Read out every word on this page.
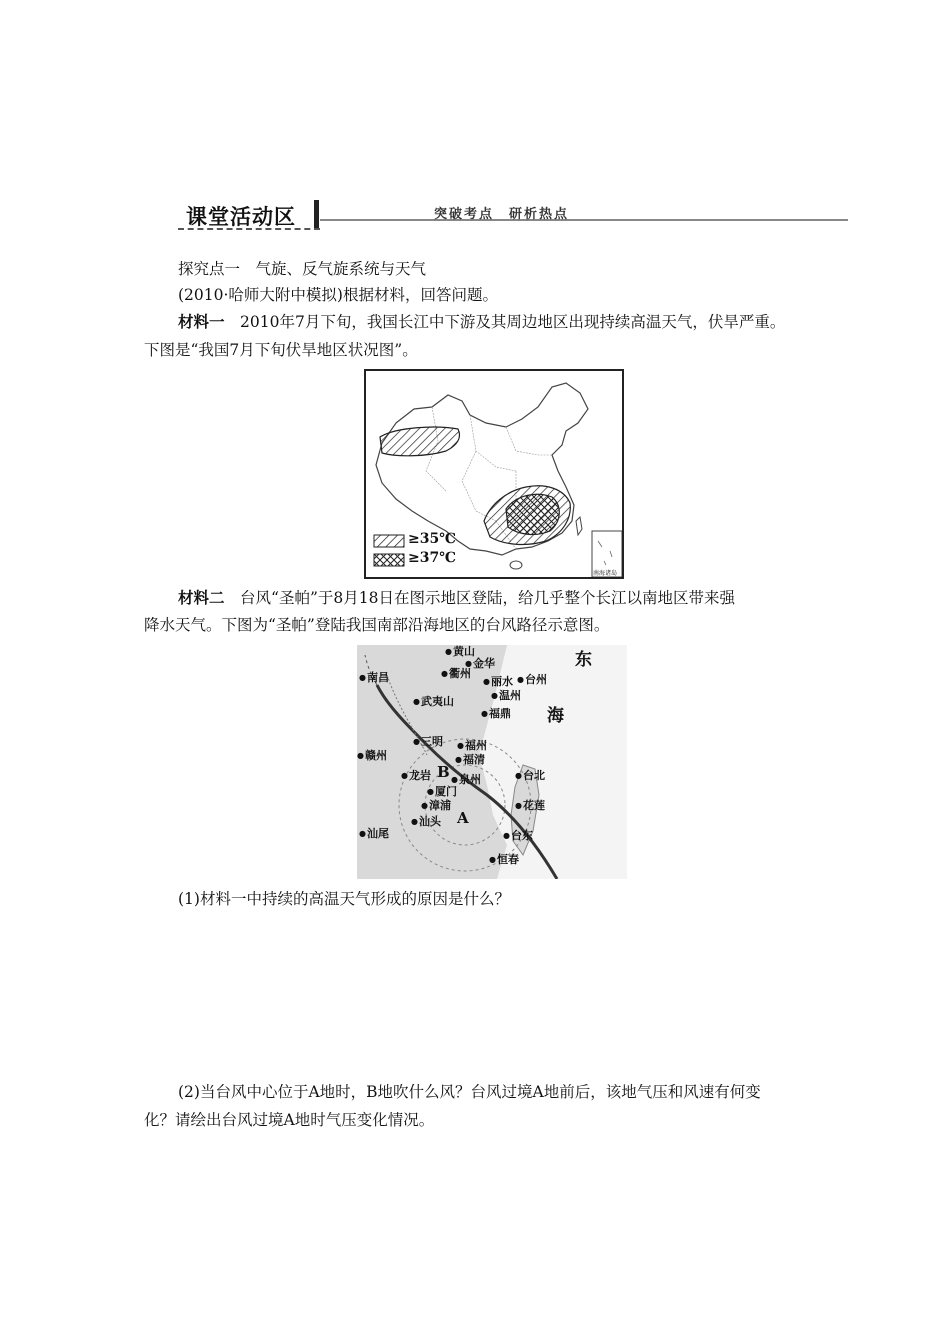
课堂活动区	突破考点　研析热点
探究点一　气旋、反气旋系统与天气
(2010·哈师大附中模拟)根据材料，回答问题。
材料一　 2010年7月下旬，我国长江中下游及其周边地区出现持续高温天气，伏旱严重。
下图是“我国7月下旬伏旱地区状况图”。
≥35℃
≥37℃
南海诸岛
材料二　 台风“圣帕”于8月18日在图示地区登陆，给几乎整个长江以南地区带来强
降水天气。下图为“圣帕”登陆我国南部沿海地区的台风路径示意图。
● 黄山
● 金华
● 衢州
● 南昌	● 丽水	● 台州
● 温州
● 武夷山
● 福鼎
● 三明	● 福州
● 福清
● 赣州
● 龙岩	● 泉州	● 台北
● 厦门
● 漳浦	● 花莲
● 汕头
● 台东
● 汕尾
● 恒春
A
B
东
海
(1)材料一中持续的高温天气形成的原因是什么？
(2)当台风中心位于A地时，B地吹什么风？台风过境A地前后，该地气压和风速有何变
化？请绘出台风过境A地时气压变化情况。
